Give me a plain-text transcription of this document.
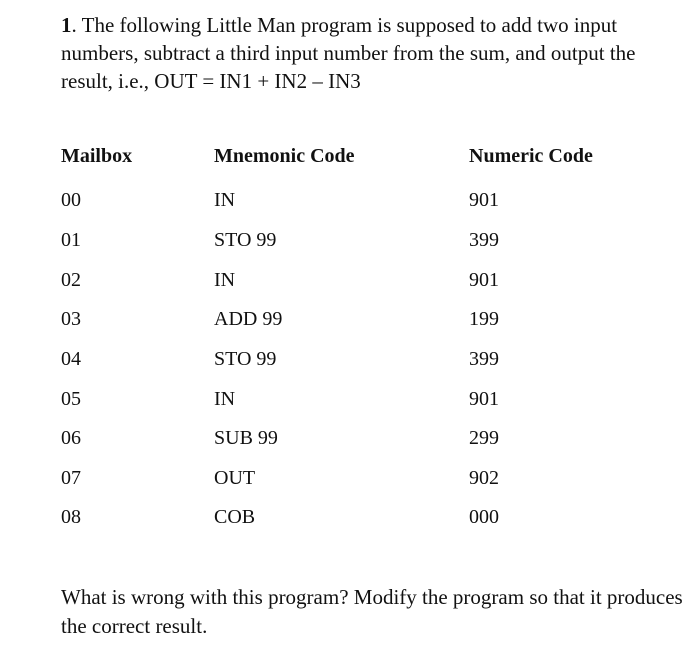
1. The following Little Man program is supposed to add two input numbers, subtract a third input number from the sum, and output the result, i.e., OUT = IN1 + IN2 – IN3
Mailbox	Mnemonic Code	Numeric Code
00	IN	901
01	STO 99	399
02	IN	901
03	ADD 99	199
04	STO 99	399
05	IN	901
06	SUB 99	299
07	OUT	902
08	COB	000
What is wrong with this program? Modify the program so that it produces the correct result.
